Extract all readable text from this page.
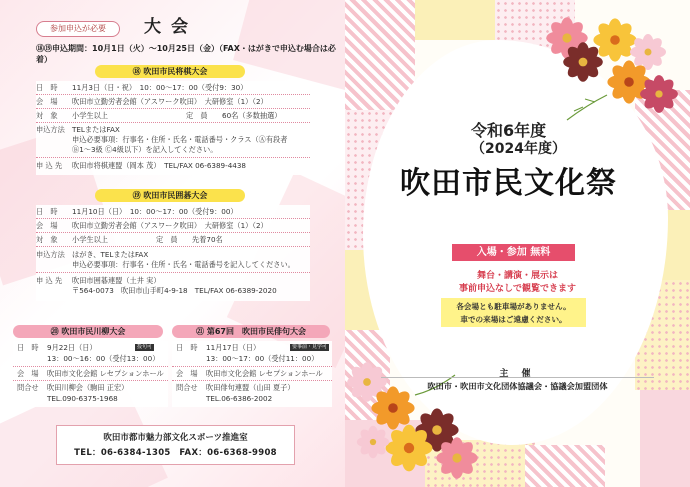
参加申込が必要	大会
⑱⑲申込期間：10月1日（火）～10月25日（金）（FAX・はがきで申込む場合は必着）
⑱ 吹田市民将棋大会
日　時	11月3日（日・祝）　10：00～17：00（受付9：30）
会　場	吹田市立勤労者会館（アスワーク吹田）　大研修室（1）（2）
対　象	小学生以上	定　員 60名（多数抽選）
申込方法	TELまたはFAX
申込必要事項：行事名・住所・氏名・電話番号・クラス（Ⓐ有段者
Ⓑ1～3級 Ⓒ4級以下）を記入してください。
申 込 先	吹田市将棋連盟（岡本 茂）　TEL/FAX 06-6389-4438
⑲ 吹田市民囲碁大会
日　時	11月10日（日）　10：00～17：00（受付9：00）
会　場	吹田市立勤労者会館（アスワーク吹田）　大研修室（1）（2）
対　象	小学生以上	定　員 先着70名
申込方法	はがき、TELまたはFAX
申込必要事項：行事名・住所・氏名・電話番号を記入してください。
申 込 先	吹田市囲碁連盟（土井 実）
〒564-0073　吹田市山手町4-9-18　TEL/FAX 06-6389-2020
⑳ 吹田市民川柳大会
日　時	9月22日（日）	投句可
13：00～16：00（受付13：00）
会　場	吹田市文化会館 レセプションホール
問合せ	吹田川柳会（駒田 正宏）
TEL.090-6375-1968
㉑ 第67回　吹田市民俳句大会
日　時	11月17日（日）	要事前・見学可
13：00～17：00（受付11：00）
会　場	吹田市文化会館 レセプションホール
問合せ	吹田俳句連盟（山田 夏子）
TEL.06-6386-2002
吹田市都市魅力部文化スポーツ推進室
TEL：06-6384-1305　FAX：06-6368-9908
令和6年度
（2024年度）
吹田市民文化祭
入場・参加 無料
舞台・講演・展示は
事前申込なしで観覧できます
各会場とも駐車場がありません。
車での来場はご遠慮ください。
主 催
吹田市・吹田市文化団体協議会・協議会加盟団体
